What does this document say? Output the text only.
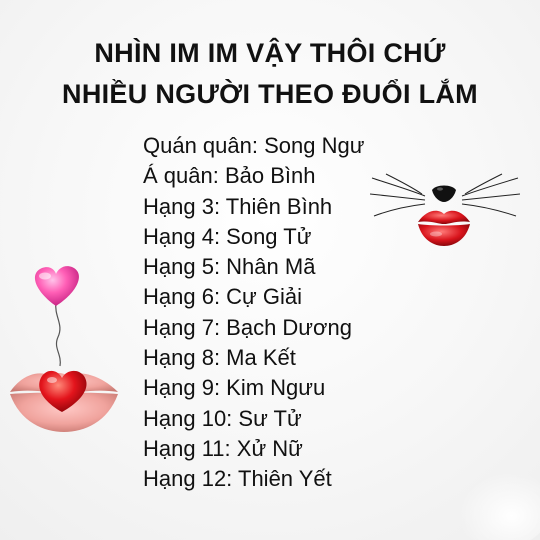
NHÌN IM IM VẬY THÔI CHỨ
NHIỀU NGƯỜI THEO ĐUỔI LẮM
Quán quân: Song Ngư
Á quân: Bảo Bình
Hạng 3: Thiên Bình
Hạng 4: Song Tử
Hạng 5: Nhân Mã
Hạng 6: Cự Giải
Hạng 7: Bạch Dương
Hạng 8: Ma Kết
Hạng 9: Kim Ngưu
Hạng 10: Sư Tử
Hạng 11: Xử Nữ
Hạng 12: Thiên Yết
